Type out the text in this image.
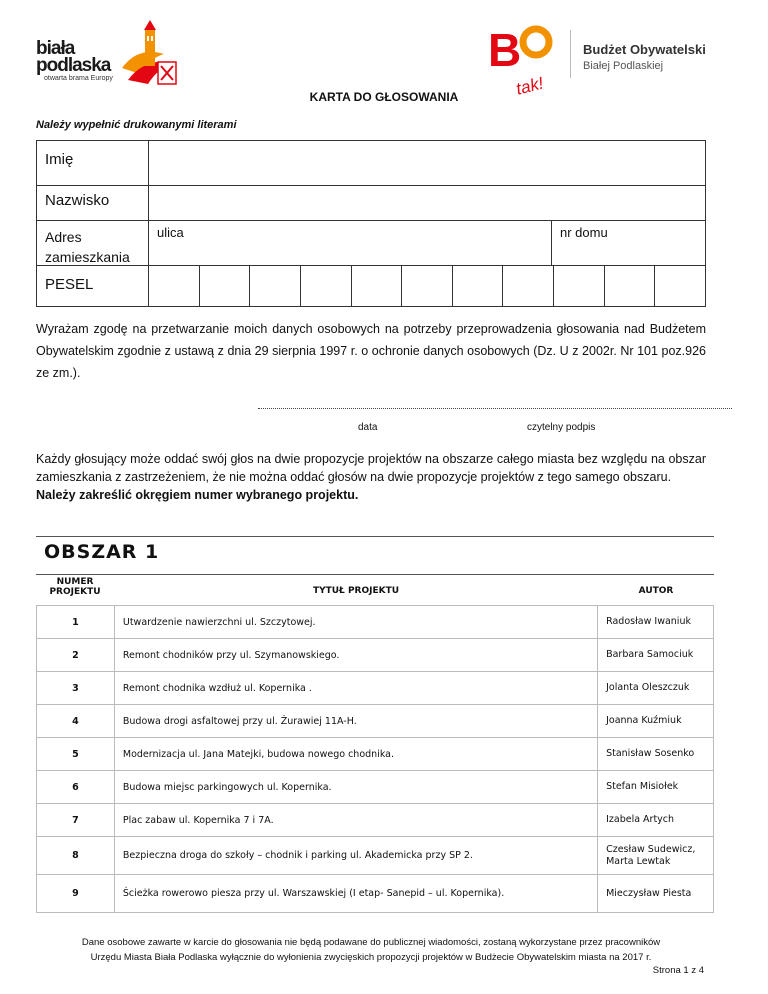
biała
podlaska
otwarta brama Europy
B
tak!
Budżet Obywatelski
Białej Podlaskiej
KARTA DO GŁOSOWANIA
Należy wypełnić drukowanymi literami
Imię
Nazwisko
Adres
zamieszkania
ulica	nr domu
PESEL
Wyrażam zgodę na przetwarzanie moich danych osobowych na potrzeby przeprowadzenia głosowania nad Budżetem Obywatelskim zgodnie z ustawą z dnia 29 sierpnia 1997 r. o ochronie danych osobowych (Dz. U z 2002r. Nr 101 poz.926 ze zm.).
data	czytelny podpis
Każdy głosujący może oddać swój głos na dwie propozycje projektów na obszarze całego miasta bez względu na obszar zamieszkania z zastrzeżeniem, że nie można oddać głosów na dwie propozycje projektów z tego samego obszaru.
Należy zakreślić okręgiem numer wybranego projektu.
OBSZAR 1
NUMER
PROJEKTU	TYTUŁ PROJEKTU	AUTOR
1	Utwardzenie nawierzchni ul. Szczytowej.	Radosław Iwaniuk
2	Remont chodników przy ul. Szymanowskiego.	Barbara Samociuk
3	Remont chodnika wzdłuż ul. Kopernika .	Jolanta Oleszczuk
4	Budowa drogi asfaltowej przy ul. Żurawiej 11A-H.	Joanna Kuźmiuk
5	Modernizacja ul. Jana Matejki, budowa nowego chodnika.	Stanisław Sosenko
6	Budowa miejsc parkingowych ul. Kopernika.	Stefan Misiołek
7	Plac zabaw ul. Kopernika 7 i 7A.	Izabela Artych
8	Bezpieczna droga do szkoły – chodnik i parking ul. Akademicka przy SP 2.	Czesław Sudewicz, Marta Lewtak
9	Ścieżka rowerowo piesza przy ul. Warszawskiej (I etap- Sanepid – ul. Kopernika).	Mieczysław Piesta
Dane osobowe zawarte w karcie do głosowania nie będą podawane do publicznej wiadomości, zostaną wykorzystane przez pracowników
Urzędu Miasta Biała Podlaska wyłącznie do wyłonienia zwycięskich propozycji projektów w Budżecie Obywatelskim miasta na 2017 r.
Strona 1 z 4
